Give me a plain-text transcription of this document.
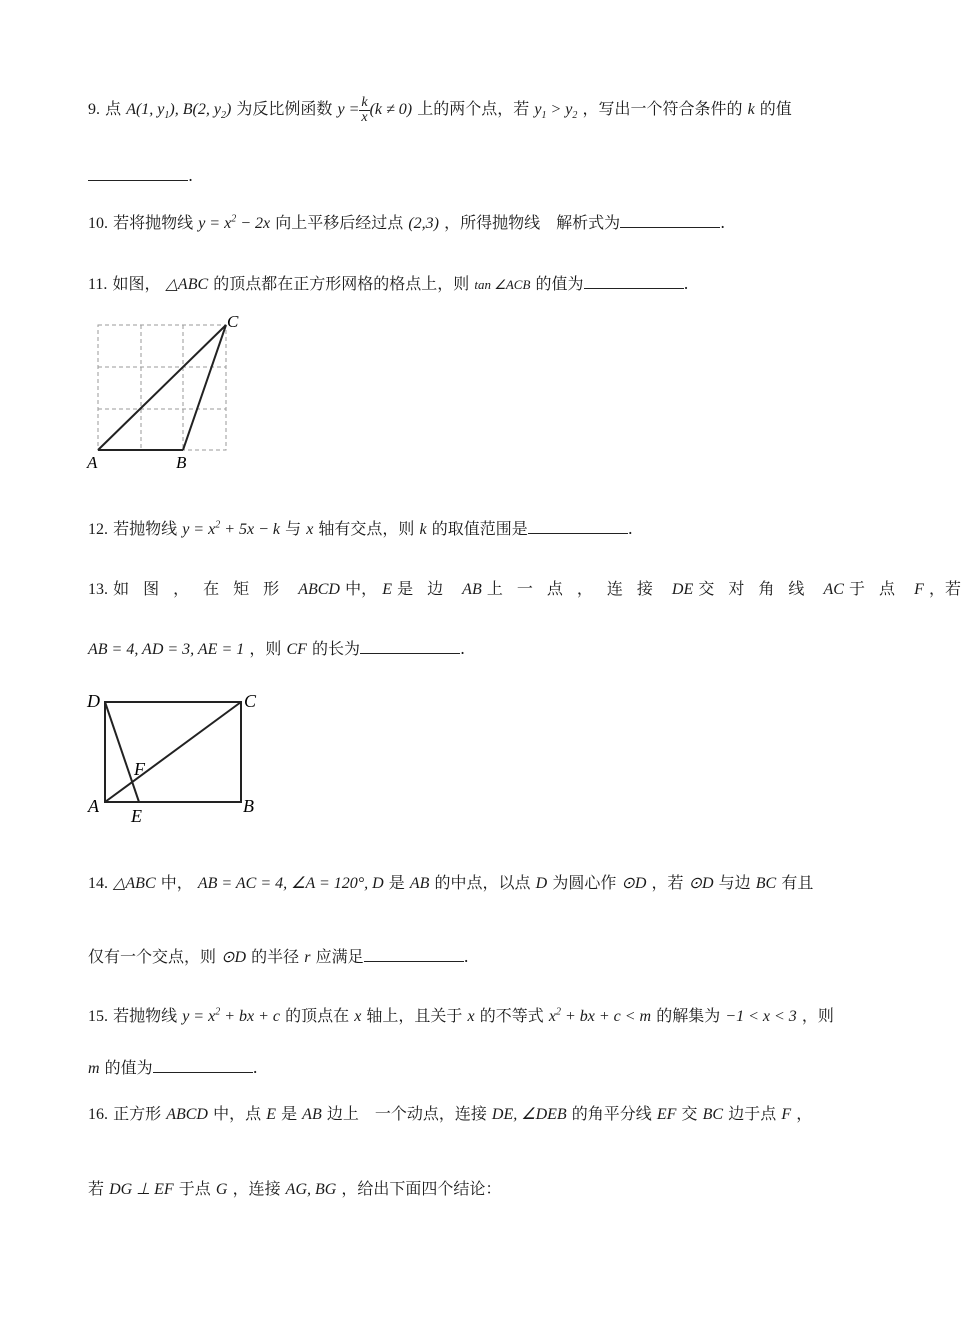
9. 点 A(1, $y_1$), B(2, $y_2$) 为反比例函数 $y = \frac{k}{x} (k \ne 0)$ 上的两个点，若 $y_1 > y_2$ ，写出一个符合条件的 k 的值
.
10. 若将抛物线 $y = x^2 - 2x$ 向上平移后经过点 (2,3) ，所得抛物线　解析式为	.
11. 如图， △ABC 的顶点都在正方形网格的格点上，则 tan ∠ACB 的值为	.
A	B
C
12. 若抛物线 $y = x^2 + 5x - k$ 与 x 轴有交点，则 k 的取值范围是	.
13. 如图，在矩形 ABCD 中， E 是边 AB 上一点，连接 DE 交对角线 AC 于点 F ，若
AB = 4, AD = 3, AE = 1 ，则 CF 的长为	.
D	C
A	B
E
F
14. △ABC 中， AB = AC = 4, ∠A = 120°, D 是 AB 的中点，以点 D 为圆心作 ⊙D ，若 ⊙D 与边 BC 有且
仅有一个交点，则 ⊙D 的半径 r 应满足	.
15. 若抛物线 $y = x^2$ + bx + c 的顶点在 x 轴上，且关于 x 的不等式 $x^2$ + bx + c < m 的解集为 −1 < x < 3 ，则
m 的值为	.
16. 正方形 ABCD 中，点 E 是 AB 边上　一个动点，连接 DE, ∠DEB 的角平分线 EF 交 BC 边于点 F ，
若 DG ⊥ EF 于点 G ，连接 AG, BG ，给出下面四个结论：
